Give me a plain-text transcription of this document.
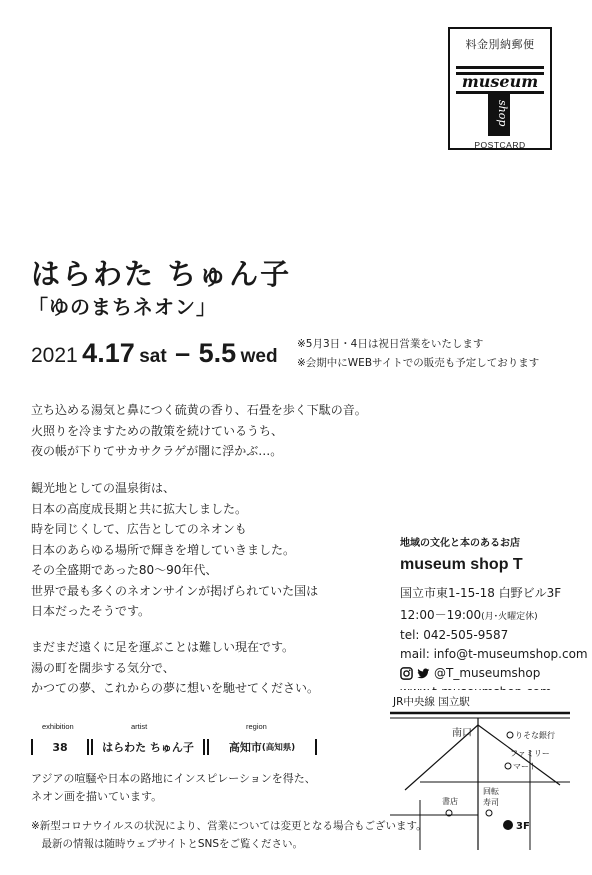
料金別納郵便
museum
shop
POSTCARD
はらわた ちゅん子
「ゆのまちネオン」
2021 4.17 sat – 5.5 wed
※5月3日・4日は祝日営業をいたします
※会期中にWEBサイトでの販売も予定しております
立ち込める湯気と鼻につく硫黄の香り、石畳を歩く下駄の音。
火照りを冷ますための散策を続けているうち、
夜の帳が下りてサカサクラゲが闇に浮かぶ…。
観光地としての温泉街は、
日本の高度成長期と共に拡大しました。
時を同じくして、広告としてのネオンも
日本のあらゆる場所で輝きを増していきました。
その全盛期であった80〜90年代、
世界で最も多くのネオンサインが掲げられていた国は
日本だったそうです。
まだまだ遠くに足を運ぶことは難しい現在です。
湯の町を闊歩する気分で、
かつての夢、これからの夢に想いを馳せてください。
地域の文化と本のあるお店
museum shop T
国立市東1-15-18 白野ビル3F
12:00－19:00(月･火曜定休)
tel: 042-505-9587
mail: info@t-museumshop.com
@T_museumshop
JR中央線 国立駅
南口	りそな銀行
ファミリー
マート
回転
寿司
書店
3F
exhibition	artist	region
38	はらわた ちゅん子	高知市 (高知県)
アジアの喧騒や日本の路地にインスピレーションを得た、
ネオン画を描いています。
※新型コロナウイルスの状況により、営業については変更となる場合もございます。
　最新の情報は随時ウェブサイトとSNSをご覧ください。
